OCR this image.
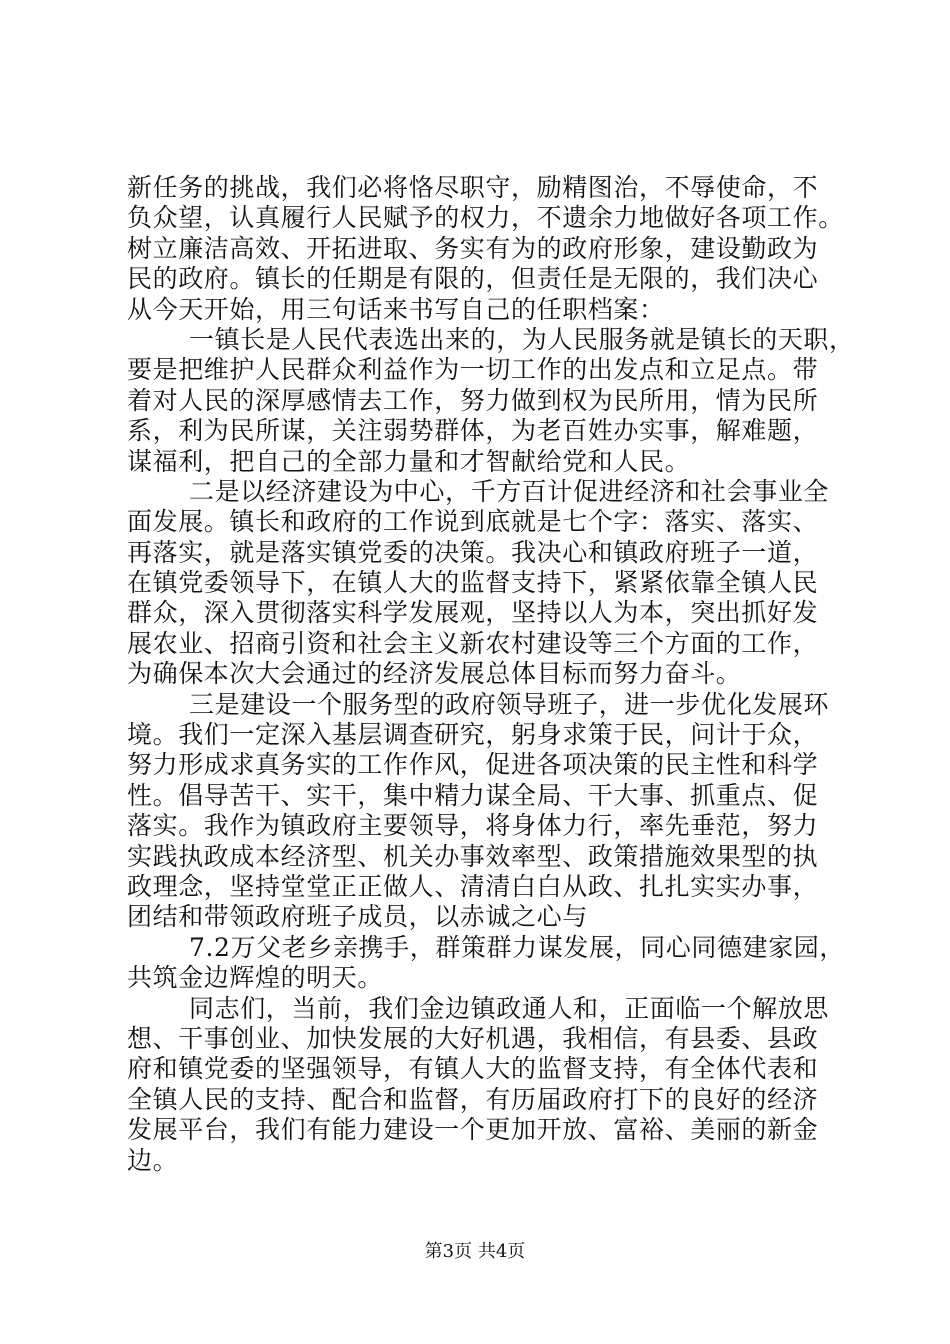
新任务的挑战，我们必将恪尽职守，励精图治，不辱使命，不
负众望，认真履行人民赋予的权力，不遗余力地做好各项工作。
树立廉洁高效、开拓进取、务实有为的政府形象，建设勤政为
民的政府。镇长的任期是有限的，但责任是无限的，我们决心
从今天开始，用三句话来书写自己的任职档案：
一镇长是人民代表选出来的，为人民服务就是镇长的天职，
要是把维护人民群众利益作为一切工作的出发点和立足点。带
着对人民的深厚感情去工作，努力做到权为民所用，情为民所
系，利为民所谋，关注弱势群体，为老百姓办实事，解难题，
谋福利，把自己的全部力量和才智献给党和人民。
二是以经济建设为中心，千方百计促进经济和社会事业全
面发展。镇长和政府的工作说到底就是七个字：落实、落实、
再落实，就是落实镇党委的决策。我决心和镇政府班子一道，
在镇党委领导下，在镇人大的监督支持下，紧紧依靠全镇人民
群众，深入贯彻落实科学发展观，坚持以人为本，突出抓好发
展农业、招商引资和社会主义新农村建设等三个方面的工作，
为确保本次大会通过的经济发展总体目标而努力奋斗。
三是建设一个服务型的政府领导班子，进一步优化发展环
境。我们一定深入基层调查研究，躬身求策于民，问计于众，
努力形成求真务实的工作作风，促进各项决策的民主性和科学
性。倡导苦干、实干，集中精力谋全局、干大事、抓重点、促
落实。我作为镇政府主要领导，将身体力行，率先垂范，努力
实践执政成本经济型、机关办事效率型、政策措施效果型的执
政理念，坚持堂堂正正做人、清清白白从政、扎扎实实办事，
团结和带领政府班子成员，以赤诚之心与
7.2万父老乡亲携手，群策群力谋发展，同心同德建家园，
共筑金边辉煌的明天。
同志们，当前，我们金边镇政通人和，正面临一个解放思
想、干事创业、加快发展的大好机遇，我相信，有县委、县政
府和镇党委的坚强领导，有镇人大的监督支持，有全体代表和
全镇人民的支持、配合和监督，有历届政府打下的良好的经济
发展平台，我们有能力建设一个更加开放、富裕、美丽的新金
边。
第3页 共4页
